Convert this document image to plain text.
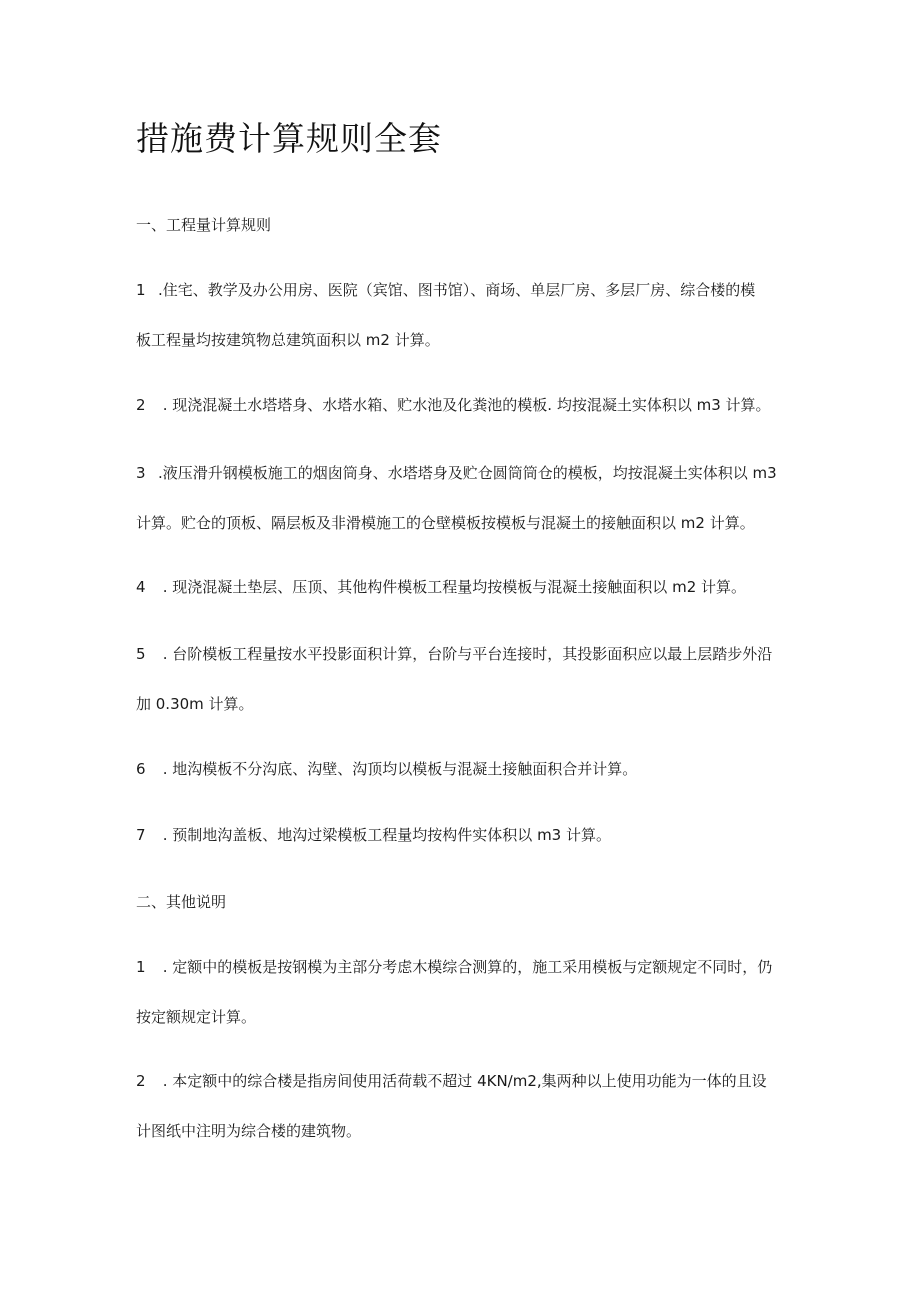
措施费计算规则全套
一、工程量计算规则
1 .住宅、教学及办公用房、医院（宾馆、图书馆）、商场、单层厂房、多层厂房、综合楼的模
板工程量均按建筑物总建筑面积以 m2 计算。
2 . 现浇混凝土水塔塔身、水塔水箱、贮水池及化粪池的模板. 均按混凝土实体积以 m3 计算。
3 .液压滑升钢模板施工的烟囱筒身、水塔塔身及贮仓圆筒筒仓的模板，均按混凝土实体积以 m3
计算。贮仓的顶板、隔层板及非滑模施工的仓壁模板按模板与混凝土的接触面积以 m2 计算。
4 . 现浇混凝土垫层、压顶、其他构件模板工程量均按模板与混凝土接触面积以 m2 计算。
5 . 台阶模板工程量按水平投影面积计算，台阶与平台连接时，其投影面积应以最上层踏步外沿
加 0.30m 计算。
6 . 地沟模板不分沟底、沟壁、沟顶均以模板与混凝土接触面积合并计算。
7 . 预制地沟盖板、地沟过梁模板工程量均按构件实体积以 m3 计算。
二、其他说明
1 . 定额中的模板是按钢模为主部分考虑木模综合测算的，施工采用模板与定额规定不同时，仍
按定额规定计算。
2 . 本定额中的综合楼是指房间使用活荷载不超过 4KN∕m2,集两种以上使用功能为一体的且设
计图纸中注明为综合楼的建筑物。
